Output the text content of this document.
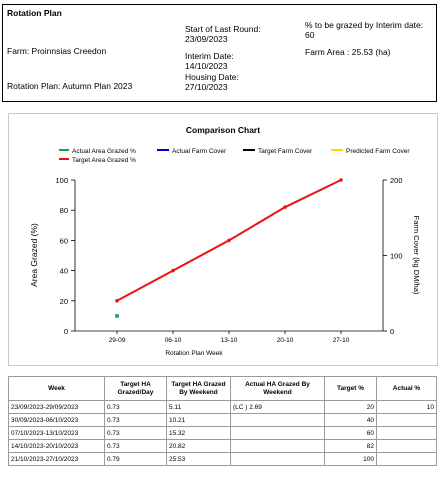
Rotation Plan
Farm: Proinnsias Creedon
Rotation Plan: Autumn Plan 2023
Start of Last Round:
23/09/2023
Interim Date:
14/10/2023
Housing Date:
27/10/2023
% to be grazed by Interim date:
60
Farm Area : 25.53 (ha)
Comparison Chart
Actual Area Grazed %	Actual Farm Cover	Target Farm Cover	Predicted Farm Cover
Target Area Grazed %
0
20
40
60
80
100
0
100
200
29-09	06-10	13-10	20-10	27-10
Rotation Plan Week
Area Grazed (%)	Farm Cover (kg DM/ha)
Week	Target HA Grazed/Day	Target HA Grazed By Weekend	Actual HA Grazed By Weekend	Target %	Actual %
23/09/2023-29/09/2023	0.73	5.11	(LC ) 2.69	20	10
30/09/2023-06/10/2023	0.73	10.21		40	
07/10/2023-13/10/2023	0.73	15.32		60	
14/10/2023-20/10/2023	0.73	20.82		82	
21/10/2023-27/10/2023	0.79	25.53		100	
